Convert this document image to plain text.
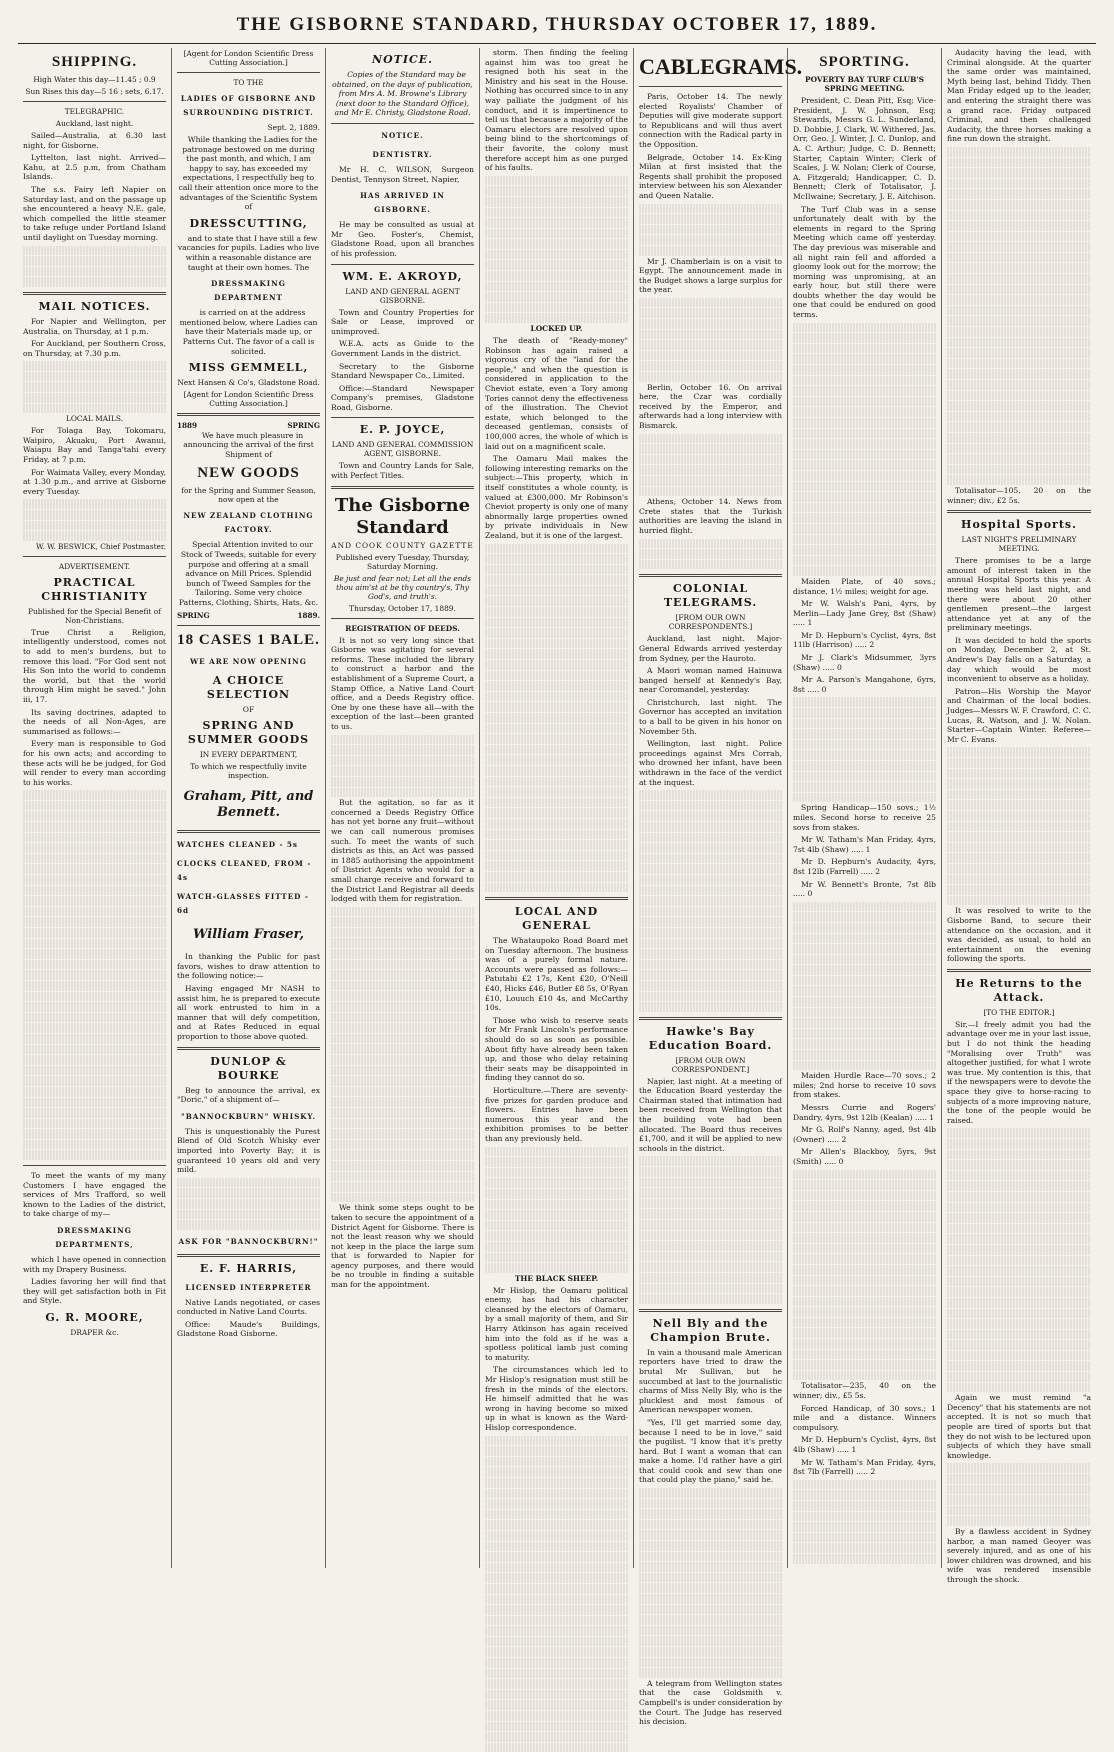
THE GISBORNE STANDARD, THURSDAY OCTOBER 17, 1889.
SHIPPING.
High Water this day—11.45 ; 0.9
Sun Rises this day—5 16 ; sets, 6.17.
TELEGRAPHIC.
Auckland, last night.

Sailed—Australia, at 6.30 last night, for Gisborne.

Lyttelton, last night. Arrived—Kahu, at 2.5 p.m, from Chatham Islands.

The s.s. Fairy left Napier on Saturday last, and on the passage up she encountered a heavy N.E. gale, which compelled the little steamer to take refuge under Portland Island until daylight on Tuesday morning.

MAIL NOTICES.

For Napier and Wellington, per Australia, on Thursday, at 1 p.m.

For Auckland, per Southern Cross, on Thursday, at 7.30 p.m.

LOCAL MAILS.

For Tolaga Bay, Tokomaru, Waipiro, Akuaku, Port Awanui, Waiapu Bay and Tanga'tahi every Friday, at 7 p.m.

For Waimata Valley, every Monday, at 1.30 p.m., and arrive at Gisborne every Tuesday.

W. W. BESWICK, Chief Postmaster.
ADVERTISEMENT.
PRACTICAL CHRISTIANITY
Published for the Special Benefit of Non-Christians.

True Christ a Religion, intelligently understood, comes not to add to men's burdens, but to remove this load. "For God sent not His Son into the world to condemn the world, but that the world through Him might be saved." John iii, 17.

Its saving doctrines, adapted to the needs of all Non-Ages, are summarised as follows:—

Every man is responsible to God for his own acts; and according to these acts will he be judged, for God will render to every man according to his works.

To meet the wants of my many Customers I have engaged the services of Mrs Trafford, so well known to the Ladies of the district, to take charge of my—

DRESSMAKING DEPARTMENTS,

which I have opened in connection with my Drapery Business.

Ladies favoring her will find that they will get satisfaction both in Fit and Style.

G. R. MOORE,
DRAPER &c.
[Agent for London Scientific Dress Cutting Association.]
TO THE
LADIES OF GISBORNE AND SURROUNDING DISTRICT.
Sept. 2, 1889.

While thanking the Ladies for the patronage bestowed on me during the past month, and which, I am happy to say, has exceeded my expectations, I respectfully beg to call their attention once more to the advantages of the Scientific System of

DRESSCUTTING,

and to state that I have still a few vacancies for pupils. Ladies who live within a reasonable distance are taught at their own homes. The

DRESSMAKING DEPARTMENT

is carried on at the address mentioned below, where Ladies can have their Materials made up, or Patterns Cut. The favor of a call is solicited.

MISS GEMMELL,
Next Hansen & Co's, Gladstone Road.
[Agent for London Scientific Dress Cutting Association.]
1889	SPRING

We have much pleasure in announcing the arrival of the first Shipment of

NEW GOODS
for the Spring and Summer Season, now open at the
NEW ZEALAND CLOTHING FACTORY.

Special Attention invited to our Stock of Tweeds, suitable for every purpose and offering at a small advance on Mill Prices. Splendid bunch of Tweed Samples for the Tailoring. Some very choice Patterns, Clothing, Shirts, Hats, &c.

SPRING	1889.
18 CASES 1 BALE.
WE ARE NOW OPENING
A CHOICE SELECTION
OF
SPRING AND SUMMER GOODS
IN EVERY DEPARTMENT,
To which we respectfully invite inspection.
Graham, Pitt, and Bennett.
WATCHES CLEANED - 5s
CLOCKS CLEANED, FROM - 4s
WATCH-GLASSES FITTED - 6d
William Fraser,

In thanking the Public for past favors, wishes to draw attention to the following notice:—

Having engaged Mr NASH to assist him, he is prepared to execute all work entrusted to him in a manner that will defy competition, and at Rates Reduced in equal proportion to those above quoted.

DUNLOP & BOURKE

Beg to announce the arrival, ex "Doric," of a shipment of—

"BANNOCKBURN" WHISKY.

This is unquestionably the Purest Blend of Old Scotch Whisky ever imported into Poverty Bay; it is guaranteed 10 years old and very mild.

ASK FOR "BANNOCKBURN!"
E. F. HARRIS,
LICENSED INTERPRETER

Native Lands negotiated, or cases conducted in Native Land Courts.

Office: Maude's Buildings, Gladstone Road Gisborne.

NOTICE.

Copies of the Standard may be obtained, on the days of publication, from Mrs A. M. Browne's Library (next door to the Standard Office), and Mr E. Christy, Gladstone Road.

NOTICE.
DENTISTRY.

Mr H. C. WILSON, Surgeon Dentist, Tennyson Street, Napier,

HAS ARRIVED IN GISBORNE.

He may be consulted as usual at Mr Geo. Foster's, Chemist, Gladstone Road, upon all branches of his profession.

WM. E. AKROYD,
LAND AND GENERAL AGENT GISBORNE.

Town and Country Properties for Sale or Lease, improved or unimproved.

W.E.A. acts as Guide to the Government Lands in the district.

Secretary to the Gisborne Standard Newspaper Co., Limited.

Office:—Standard Newspaper Company's premises, Gladstone Road, Gisborne.

E. P. JOYCE,
LAND AND GENERAL COMMISSION AGENT, GISBORNE.

Town and Country Lands for Sale, with Perfect Titles.

The Gisborne Standard
AND COOK COUNTY GAZETTE
Published every Tuesday, Thursday, Saturday Morning.
Be just and fear not; Let all the ends thou aim'st at be thy country's, Thy God's, and truth's.
Thursday, October 17, 1889.
REGISTRATION OF DEEDS.

It is not so very long since that Gisborne was agitating for several reforms. These included the library to construct a harbor and the establishment of a Supreme Court, a Stamp Office, a Native Land Court office, and a Deeds Registry office. One by one these have all—with the exception of the last—been granted to us.

But the agitation, so far as it concerned a Deeds Registry Office has not yet borne any fruit—without we can call numerous promises such. To meet the wants of such districts as this, an Act was passed in 1885 authorising the appointment of District Agents who would for a small charge receive and forward to the District Land Registrar all deeds lodged with them for registration.

We think some steps ought to be taken to secure the appointment of a District Agent for Gisborne. There is not the least reason why we should not keep in the place the large sum that is forwarded to Napier for agency purposes, and there would be no trouble in finding a suitable man for the appointment.

storm. Then finding the feeling against him was too great he resigned both his seat in the Ministry and his seat in the House. Nothing has occurred since to in any way palliate the judgment of his conduct, and it is impertinence to tell us that because a majority of the Oamaru electors are resolved upon being blind to the shortcomings of their favorite, the colony must therefore accept him as one purged of his faults.

LOCKED UP.

The death of "Ready-money" Robinson has again raised a vigorous cry of the "land for the people," and when the question is considered in application to the Cheviot estate, even a Tory among Tories cannot deny the effectiveness of the illustration. The Cheviot estate, which belonged to the deceased gentleman, consists of 100,000 acres, the whole of which is laid out on a magnificent scale.

The Oamaru Mail makes the following interesting remarks on the subject:—This property, which in itself constitutes a whole county, is valued at £300,000. Mr Robinson's Cheviot property is only one of many abnormally large properties owned by private individuals in New Zealand, but it is one of the largest.

LOCAL AND GENERAL

The Whataupoko Road Board met on Tuesday afternoon. The business was of a purely formal nature. Accounts were passed as follows:—Patutahi £2 17s, Kent £20, O'Neill £40, Hicks £46, Butler £8 5s, O'Ryan £10, Louuch £10 4s, and McCarthy 10s.

Those who wish to reserve seats for Mr Frank Lincoln's performance should do so as soon as possible. About fifty have already been taken up, and those who delay retaining their seats may be disappointed in finding they cannot do so.

Horticulture.—There are seventy-five prizes for garden produce and flowers. Entries have been numerous this year and the exhibition promises to be better than any previously held.

THE BLACK SHEEP.

Mr Hislop, the Oamaru political enemy, has had his character cleansed by the electors of Oamaru, by a small majority of them, and Sir Harry Atkinson has again received him into the fold as if he was a spotless political lamb just coming to maturity.

The circumstances which led to Mr Hislop's resignation must still be fresh in the minds of the electors. He himself admitted that he was wrong in having become so mixed up in what is known as the Ward-Hislop correspondence.

CABLEGRAMS.

Paris, October 14. The newly elected Royalists' Chamber of Deputies will give moderate support to Republicans and will thus avert connection with the Radical party in the Opposition.

Belgrade, October 14. Ex-King Milan at first insisted that the Regents shall prohibit the proposed interview between his son Alexander and Queen Natalie.

Mr J. Chamberlain is on a visit to Egypt. The announcement made in the Budget shows a large surplus for the year.

Berlin, October 16. On arrival here, the Czar was cordially received by the Emperor, and afterwards had a long interview with Bismarck.

Athens, October 14. News from Crete states that the Turkish authorities are leaving the island in hurried flight.

COLONIAL TELEGRAMS.
[FROM OUR OWN CORRESPONDENTS.]

Auckland, last night. Major-General Edwards arrived yesterday from Sydney, per the Hauroto.

A Maori woman named Hainuwa banged herself at Kennedy's Bay, near Coromandel, yesterday.

Christchurch, last night. The Governor has accepted an invitation to a ball to be given in his honor on November 5th.

Wellington, last night. Police proceedings against Mrs Corrah, who drowned her infant, have been withdrawn in the face of the verdict at the inquest.

Hawke's Bay Education Board.
[FROM OUR OWN CORRESPONDENT.]

Napier, last night. At a meeting of the Education Board yesterday the Chairman stated that intimation had been received from Wellington that the building vote had been allocated. The Board thus receives £1,700, and it will be applied to new schools in the district.

Nell Bly and the Champion Brute.

In vain a thousand male American reporters have tried to draw the brutal Mr Sullivan, but he succumbed at last to the journalistic charms of Miss Nelly Bly, who is the plucklest and most famous of American newspaper women.

"Yes, I'll get married some day, because I need to be in love," said the pugilist. "I know that it's pretty hard. But I want a woman that can make a home. I'd rather have a girl that could cook and sew than one that could play the piano," said he.

A telegram from Wellington states that the case Goldsmith v. Campbell's is under consideration by the Court. The Judge has reserved his decision.

SPORTING.
POVERTY BAY TURF CLUB'S SPRING MEETING.

President, C. Dean Pitt, Esq; Vice-President, J. W. Johnson, Esq; Stewards, Messrs G. L. Sunderland, D. Dobbie, J. Clark, W. Withered, Jas. Orr, Geo. J. Winter, J. C. Dunlop, and A. C. Arthur; Judge, C. D. Bennett; Starter, Captain Winter; Clerk of Scales, J. W. Nolan; Clerk of Course, A. Fitzgerald; Handicapper, C. D. Bennett; Clerk of Totalisator, J. McIlwaine; Secretary, J. E. Aitchison.

The Turf Club was in a sense unfortunately dealt with by the elements in regard to the Spring Meeting which came off yesterday. The day previous was miserable and all night rain fell and afforded a gloomy look out for the morrow; the morning was unpromising, at an early hour, but still there were doubts whether the day would be one that could be endured on good terms.

Maiden Plate, of 40 sovs.; distance, 1½ miles; weight for age.

Mr W. Walsh's Pani, 4yrs, by Merlin—Lady Jane Grey, 8st (Shaw) ..... 1

Mr D. Hepburn's Cyclist, 4yrs, 8st 11lb (Harrison) ..... 2

Mr J. Clark's Midsummer, 3yrs (Shaw) ..... 0

Mr A. Parson's Mangahone, 6yrs, 8st ..... 0

Spring Handicap—150 sovs.; 1½ miles. Second horse to receive 25 sovs from stakes.

Mr W. Tatham's Man Friday, 4yrs, 7st 4lb (Shaw) ..... 1

Mr D. Hepburn's Audacity, 4yrs, 8st 12lb (Farrell) ..... 2

Mr W. Bennett's Bronte, 7st 8lb ..... 0

Maiden Hurdle Race—70 sovs.; 2 miles; 2nd horse to receive 10 sovs from stakes.

Messrs Currie and Rogers' Dandry, 4yrs, 9st 12lb (Kealan) ..... 1

Mr G. Rolf's Nanny, aged, 9st 4lb (Owner) ..... 2

Mr Allen's Blackboy, 5yrs, 9st (Smith) ..... 0

Totalisator—235, 40 on the winner; div., £5 5s.

Forced Handicap, of 30 sovs.; 1 mile and a distance. Winners compulsory.

Mr D. Hepburn's Cyclist, 4yrs, 8st 4lb (Shaw) ..... 1

Mr W. Tatham's Man Friday, 4yrs, 8st 7lb (Farrell) ..... 2

Audacity having the lead, with Criminal alongside. At the quarter the same order was maintained, Myth being last, behind Tiddy. Then Man Friday edged up to the leader, and entering the straight there was a grand race. Friday outpaced Criminal, and then challenged Audacity, the three horses making a fine run down the straight.

Totalisator—105, 20 on the winner; div., £2 5s.

Hospital Sports.
LAST NIGHT'S PRELIMINARY MEETING.

There promises to be a large amount of interest taken in the annual Hospital Sports this year. A meeting was held last night, and there were about 20 other gentlemen present—the largest attendance yet at any of the preliminary meetings.

It was decided to hold the sports on Monday, December 2, at St. Andrew's Day falls on a Saturday, a day which would be most inconvenient to observe as a holiday.

Patron—His Worship the Mayor and Chairman of the local bodies. Judges—Messrs W. F. Crawford, C. C. Lucas, R. Watson, and J. W. Nolan. Starter—Captain Winter. Referee—Mr C. Evans.

It was resolved to write to the Gisborne Band, to secure their attendance on the occasion, and it was decided, as usual, to hold an entertainment on the evening following the sports.

He Returns to the Attack.
[TO THE EDITOR.]

Sir,—I freely admit you had the advantage over me in your last issue, but I do not think the heading "Moralising over Truth" was altogether justified, for what I wrote was true. My contention is this, that if the newspapers were to devote the space they give to horse-racing to subjects of a more improving nature, the tone of the people would be raised.

Again we must remind "a Decency" that his statements are not accepted. It is not so much that people are tired of sports but that they do not wish to be lectured upon subjects of which they have small knowledge.

By a flawless accident in Sydney harbor, a man named Geoyer was severely injured, and as one of his lower children was drowned, and his wife was rendered insensible through the shock.
